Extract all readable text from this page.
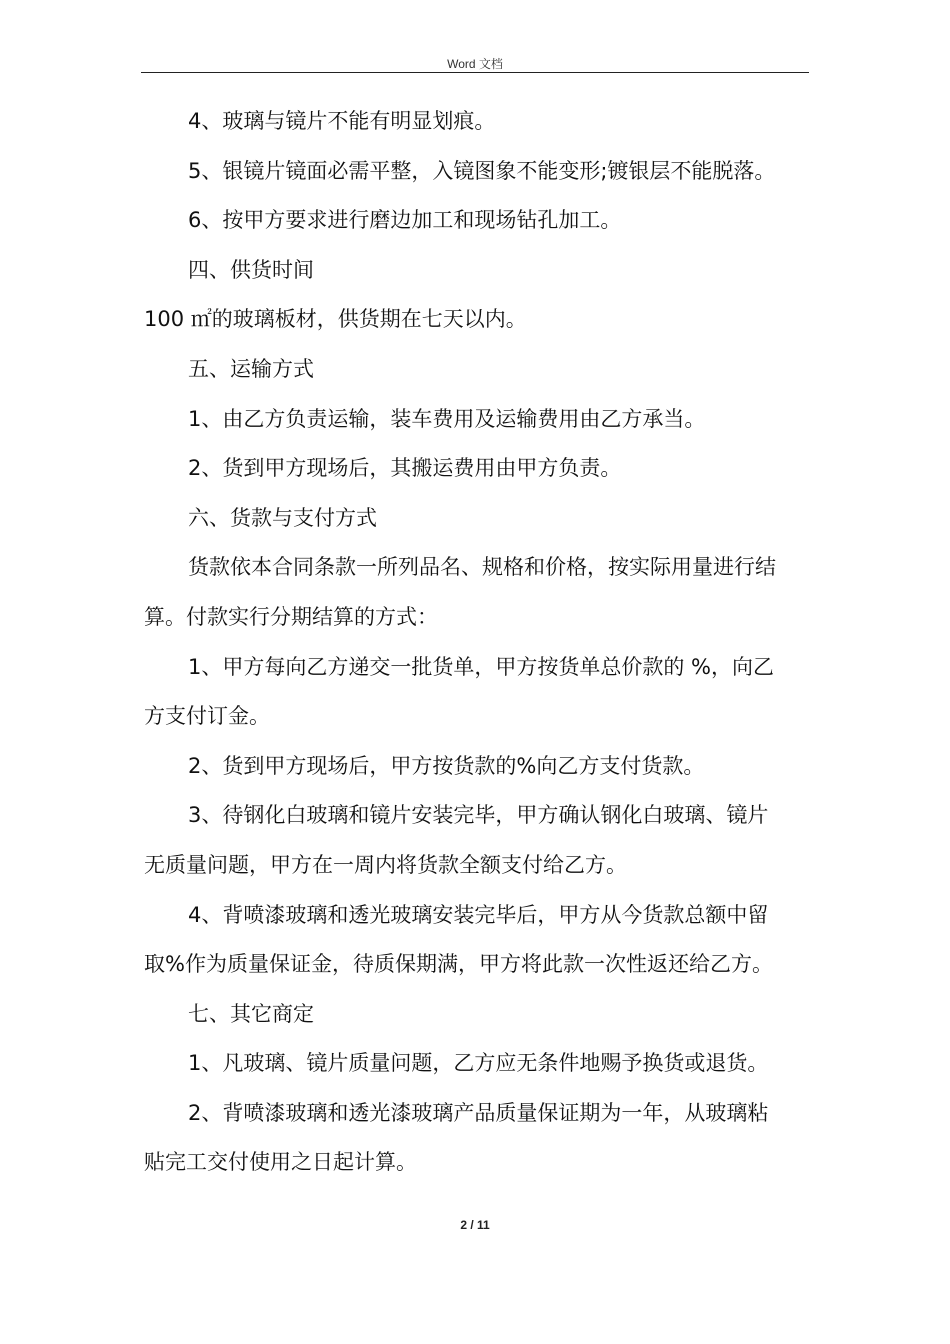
Word 文档

4、玻璃与镜片不能有明显划痕。

5、银镜片镜面必需平整，入镜图象不能变形;镀银层不能脱落。

6、按甲方要求进行磨边加工和现场钻孔加工。

四、供货时间

100 ㎡的玻璃板材，供货期在七天以内。

五、运输方式

1、由乙方负责运输，装车费用及运输费用由乙方承当。

2、货到甲方现场后，其搬运费用由甲方负责。

六、货款与支付方式

货款依本合同条款一所列品名、规格和价格，按实际用量进行结

算。付款实行分期结算的方式：

1、甲方每向乙方递交一批货单，甲方按货单总价款的 %，向乙

方支付订金。

2、货到甲方现场后，甲方按货款的%向乙方支付货款。

3、待钢化白玻璃和镜片安装完毕，甲方确认钢化白玻璃、镜片

无质量问题，甲方在一周内将货款全额支付给乙方。

4、背喷漆玻璃和透光玻璃安装完毕后，甲方从今货款总额中留

取%作为质量保证金，待质保期满，甲方将此款一次性返还给乙方。

七、其它商定

1、凡玻璃、镜片质量问题，乙方应无条件地赐予换货或退货。

2、背喷漆玻璃和透光漆玻璃产品质量保证期为一年，从玻璃粘

贴完工交付使用之日起计算。

2 / 11
